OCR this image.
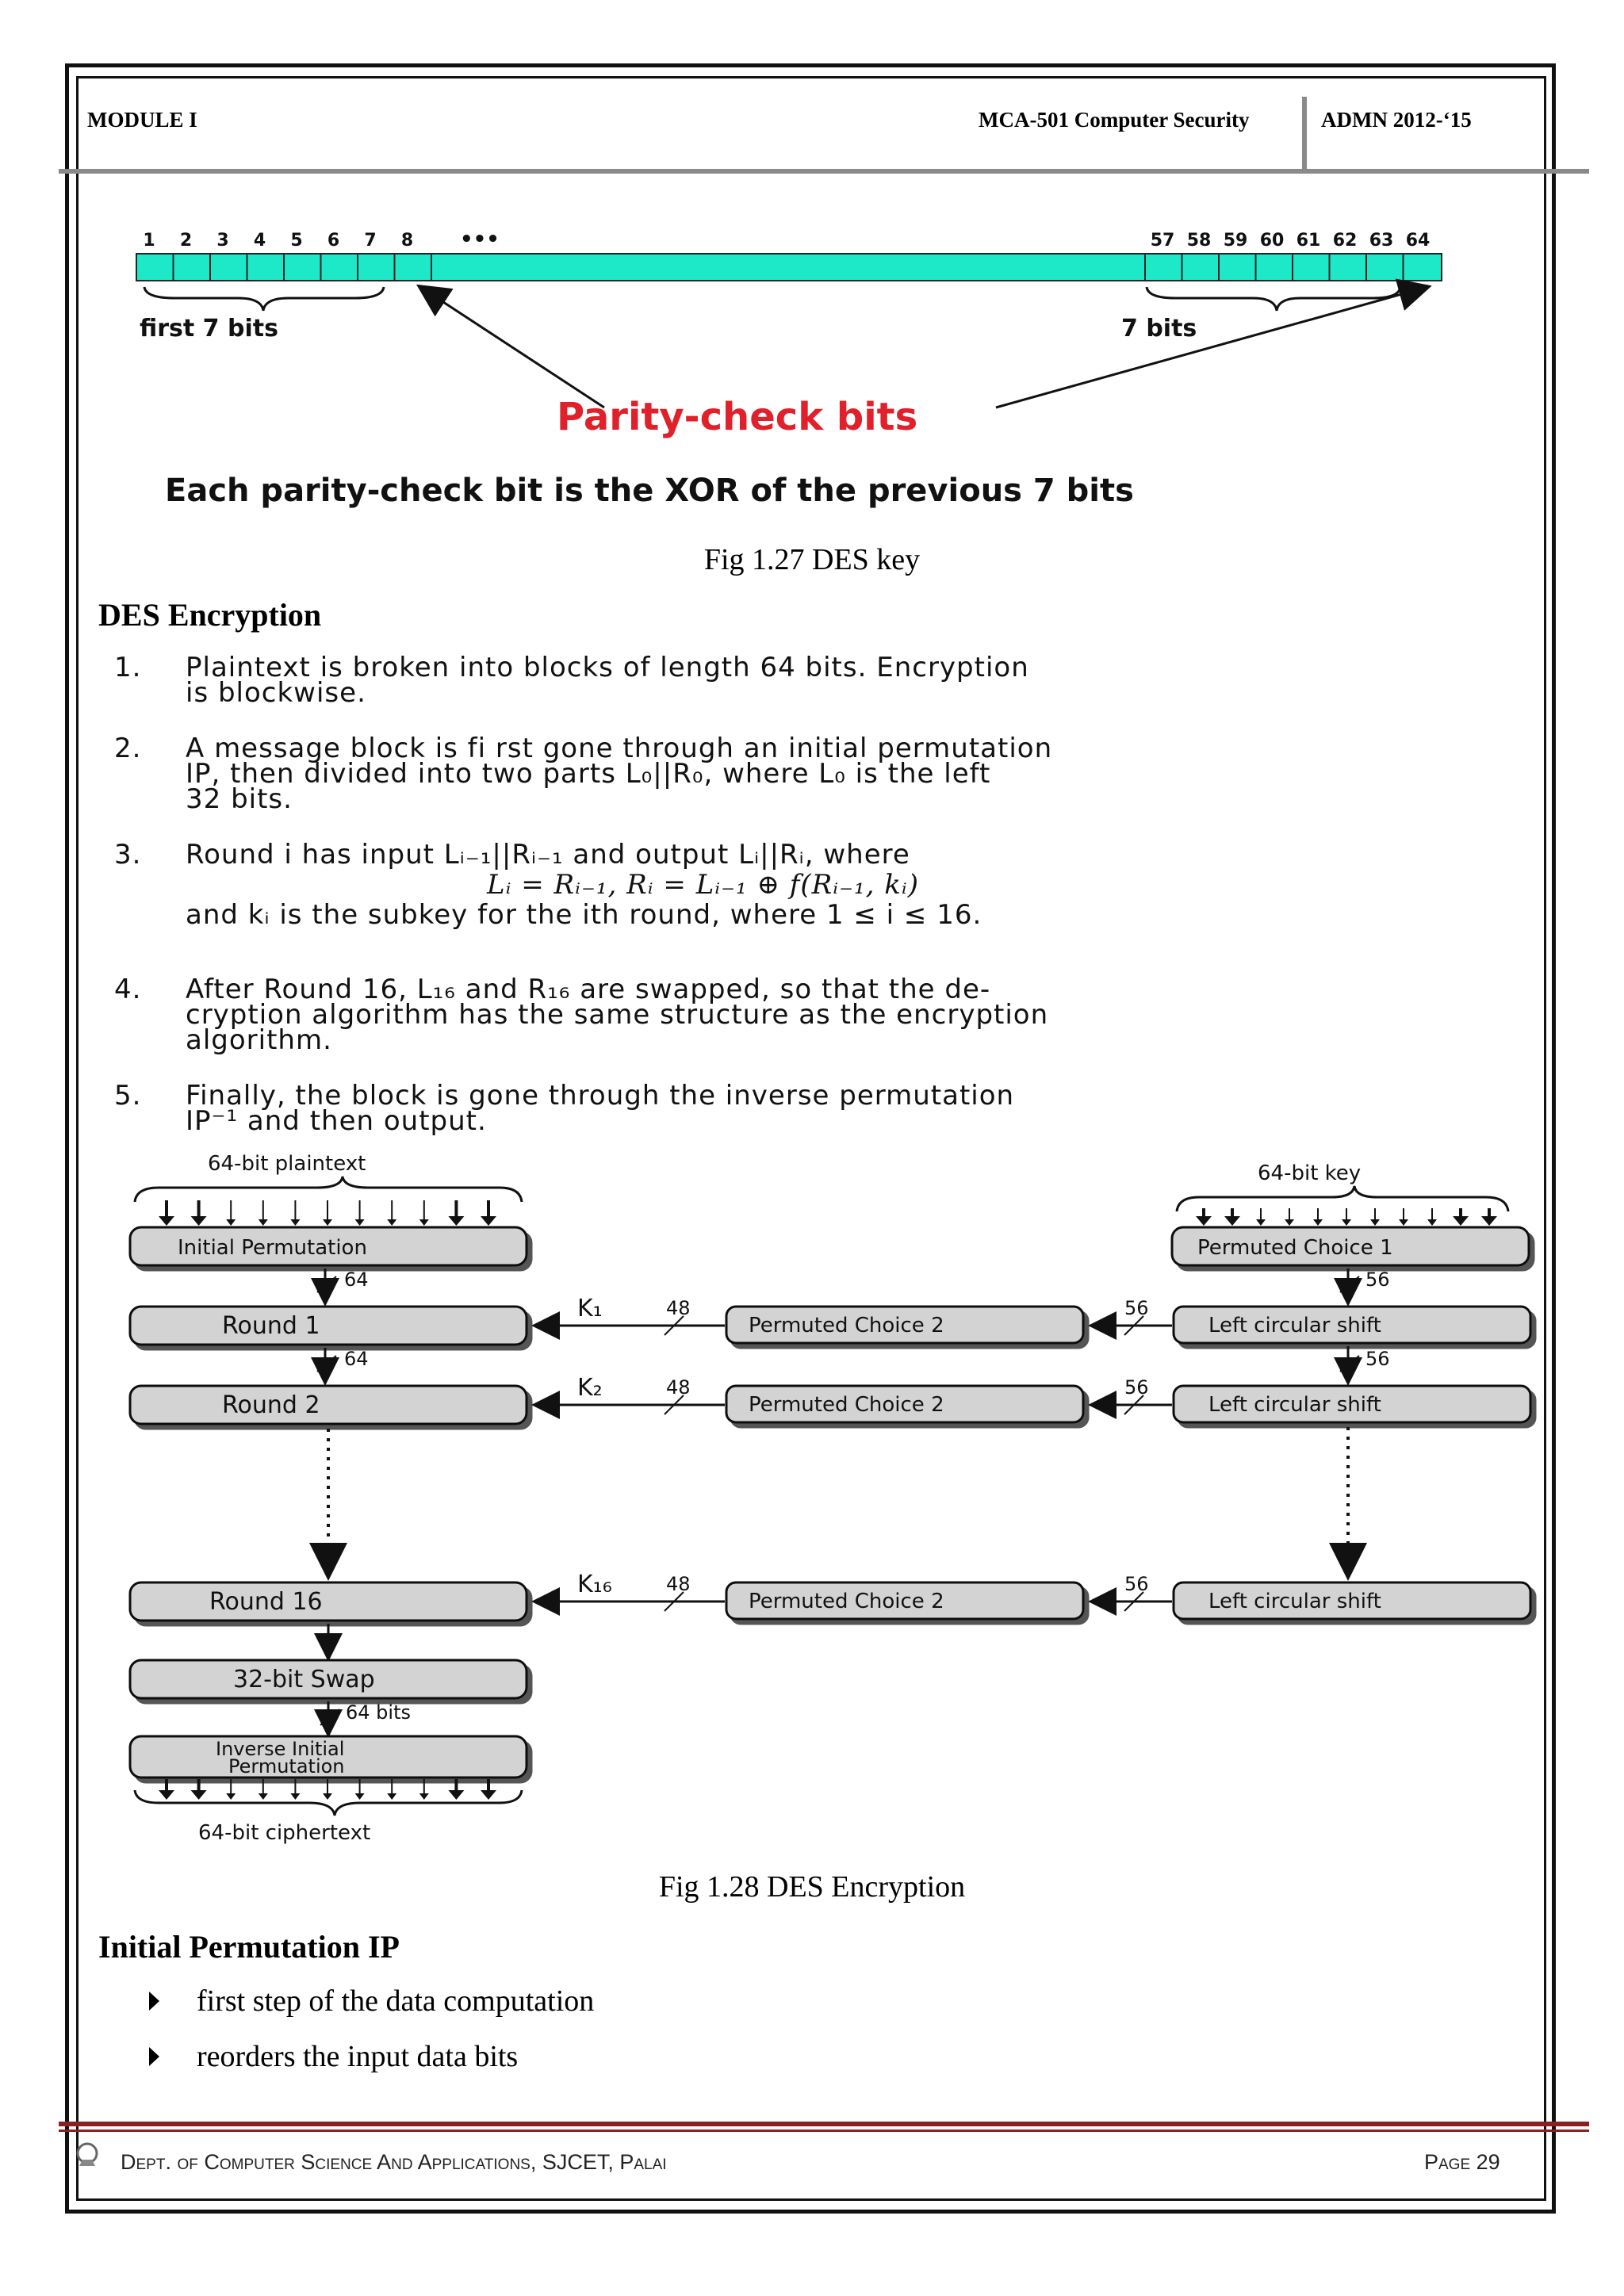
MODULE I	MCA-501 Computer Security	ADMN 2012-‘15
1 2 3 4 5 6 7 8 •••	57 58 59 60 61 62 63 64
first 7 bits	7 bits
Parity-check bits
Each parity-check bit is the XOR of the previous 7 bits
Fig 1.27 DES key
DES Encryption
1. Plaintext is broken into blocks of length 64 bits. Encryption
is blockwise.
2. A message block is fi rst gone through an initial permutation
IP, then divided into two parts L₀||R₀, where L₀ is the left
32 bits.
3. Round i has input Lᵢ₋₁||Rᵢ₋₁ and output Lᵢ||Rᵢ, where
Lᵢ = Rᵢ₋₁, Rᵢ = Lᵢ₋₁ ⊕ f(Rᵢ₋₁, kᵢ)
and kᵢ is the subkey for the ith round, where 1 ≤ i ≤ 16.
4. After Round 16, L₁₆ and R₁₆ are swapped, so that the de-
cryption algorithm has the same structure as the encryption
algorithm.
5. Finally, the block is gone through the inverse permutation
IP⁻¹ and then output.
64-bit plaintext	64-bit key
Initial Permutation
64
Round 1
64
Round 2
Round 16
32-bit Swap
64 bits
Inverse Initial
Permutation
64-bit ciphertext
Permuted Choice 2
Permuted Choice 2
Permuted Choice 2
K₁	48
K₂	48
K₁₆	48
Permuted Choice 1
56
Left circular shift
56
Left circular shift
Left circular shift
56
56
56
Fig 1.28 DES Encryption
Initial Permutation IP
first step of the data computation
reorders the input data bits
Dept. of Computer Science And Applications, SJCET, Palai	Page 29
